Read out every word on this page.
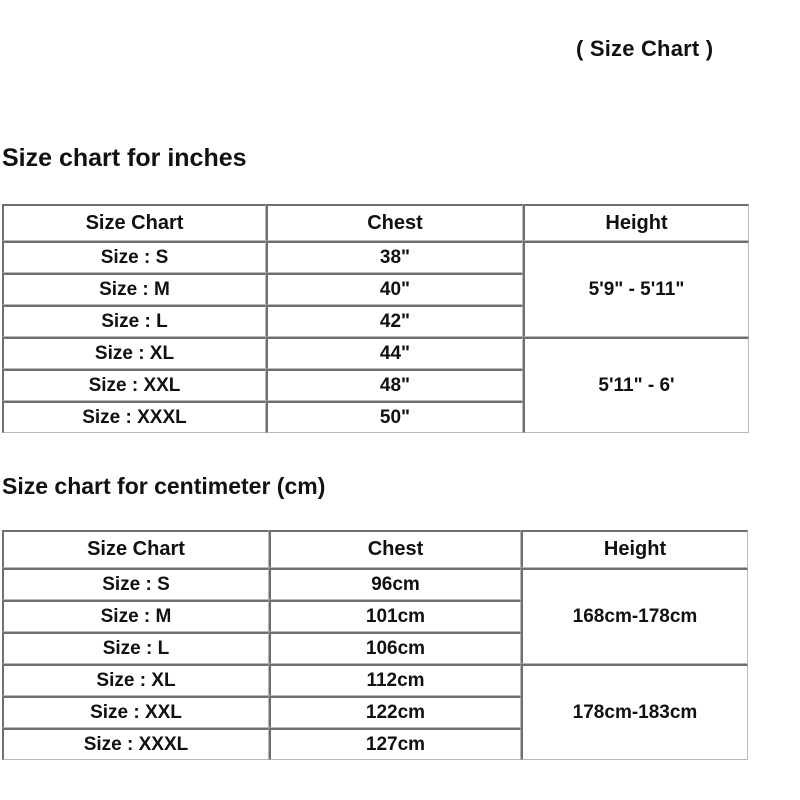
( Size Chart )
Size chart for inches
Size Chart	Chest	Height
Size : S	38"	5'9" - 5'11"
Size : M	40"	
Size : L	42"	
Size : XL	44"	5'11" - 6'
Size : XXL	48"	
Size : XXXL	50"	
Size chart for centimeter (cm)
Size Chart	Chest	Height
Size : S	96cm	168cm-178cm
Size : M	101cm	
Size : L	106cm	
Size : XL	112cm	178cm-183cm
Size : XXL	122cm	
Size : XXXL	127cm	
